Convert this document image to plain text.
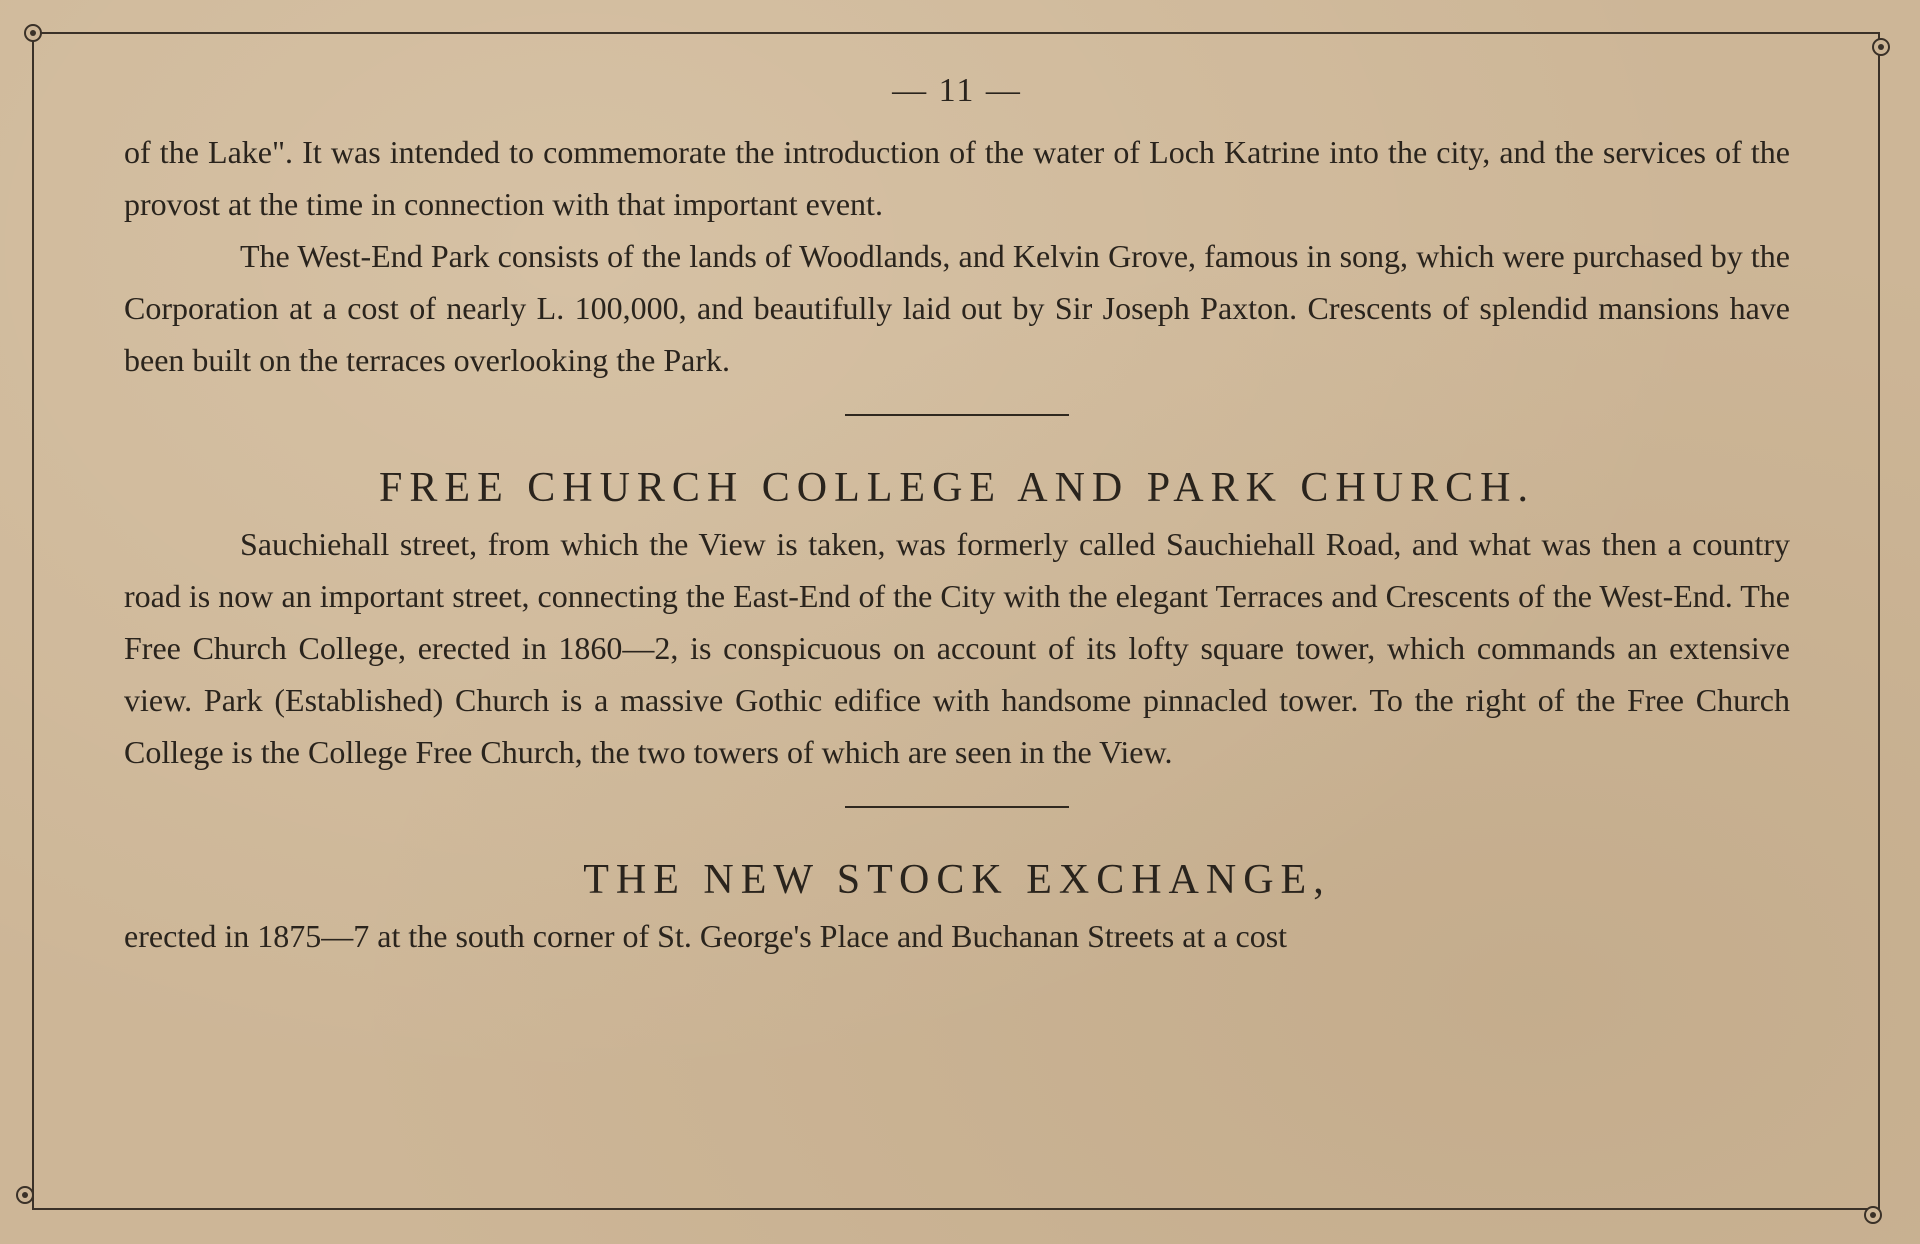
— 11 —

of the Lake". It was intended to commemorate the introduction of the water of Loch Katrine into the city, and the services of the provost at the time in connection with that important event.

The West-End Park consists of the lands of Woodlands, and Kelvin Grove, famous in song, which were purchased by the Corporation at a cost of nearly L. 100,000, and beautifully laid out by Sir Joseph Paxton. Crescents of splendid mansions have been built on the terraces overlooking the Park.

FREE CHURCH COLLEGE AND PARK CHURCH.

Sauchiehall street, from which the View is taken, was formerly called Sauchiehall Road, and what was then a country road is now an important street, connecting the East-End of the City with the elegant Terraces and Crescents of the West-End. The Free Church College, erected in 1860—2, is conspicuous on account of its lofty square tower, which commands an extensive view. Park (Established) Church is a massive Gothic edifice with handsome pinnacled tower. To the right of the Free Church College is the College Free Church, the two towers of which are seen in the View.

THE NEW STOCK EXCHANGE,

erected in 1875—7 at the south corner of St. George's Place and Buchanan Streets at a cost
